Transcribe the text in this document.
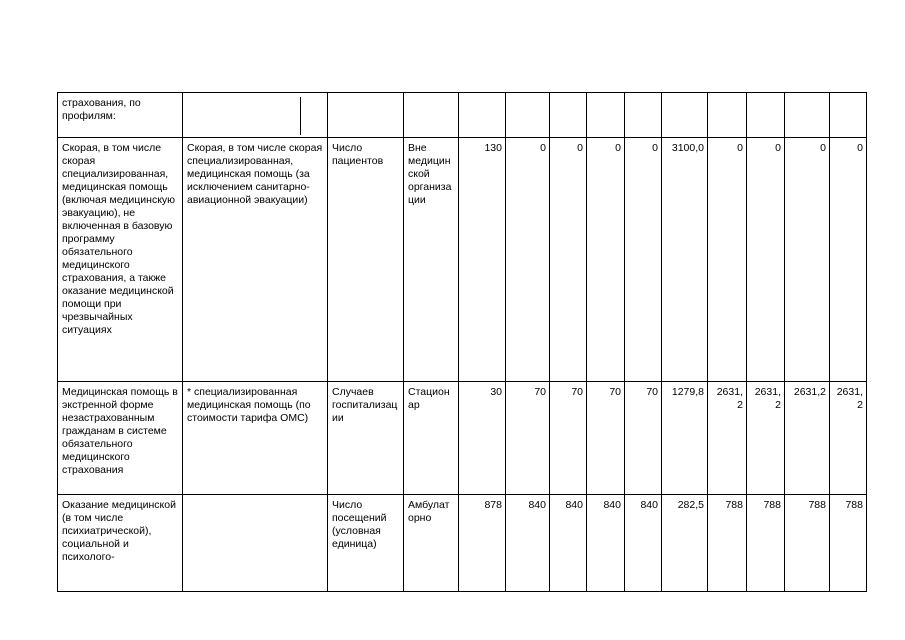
страхования, по профилям:	

Скорая, в том числе скорая специализированная, медицинская помощь (включая медицинскую эвакуацию), не включенная в базовую программу обязательного медицинского страхования, а также оказание медицинской помощи при чрезвычайных ситуациях	Скорая, в том числе скорая специализированная, медицинская помощь (за исключением санитарно-авиационной эвакуации)	Число пациентов	Вне медицин ской организа ции	130	0	0	0	0	3100,0	0	0	0	0
Медицинская помощь в экстренной форме незастрахованным гражданам в системе обязательного медицинского страхования	* специализированная медицинская помощь (по стоимости тарифа ОМС)	Случаев госпитализац ии	Стацион ар	30	70	70	70	70	1279,8	2631, 2	2631, 2	2631,2	2631, 2
Оказание медицинской (в том числе психиатрической), социальной и психолого-		Число посещений (условная единица)	Амбулат орно	878	840	840	840	840	282,5	788	788	788	788
